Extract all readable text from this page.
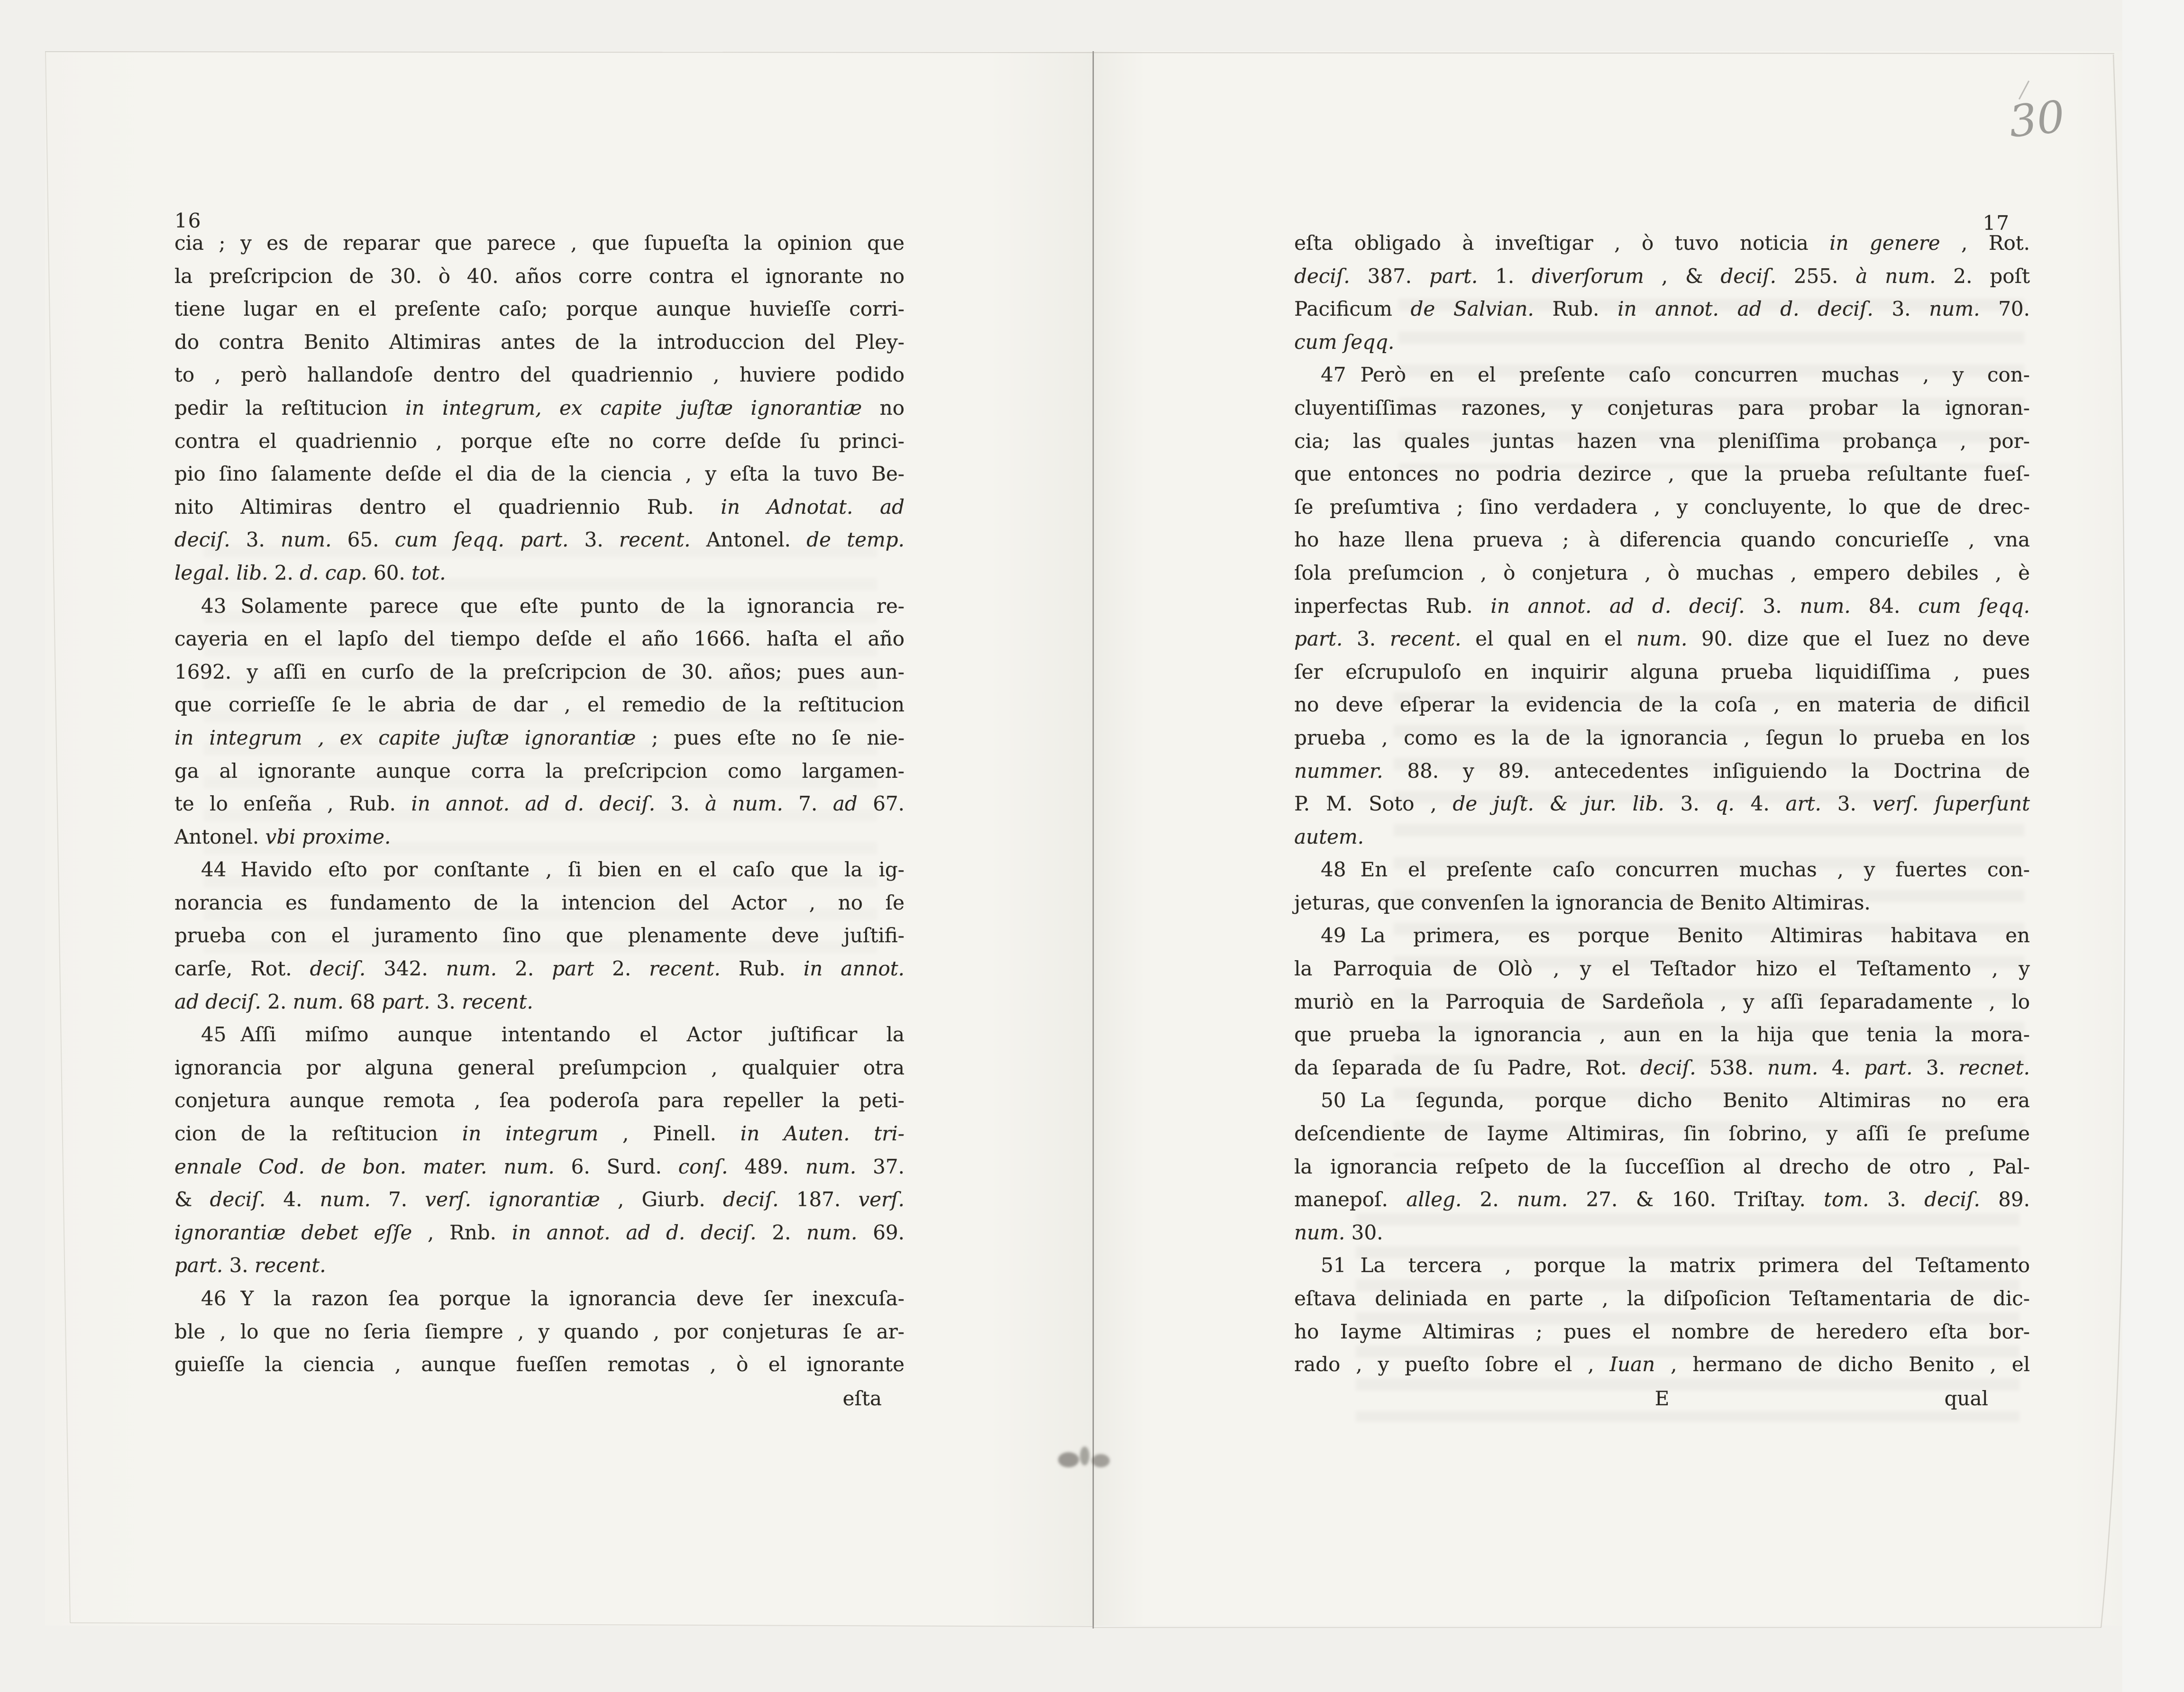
16	17
30
cia ; y es de reparar que parece , que ſupueſta la opinion que
la preſcripcion de 30. ò 40. años corre contra el ignorante no
tiene lugar en el preſente caſo; porque aunque huvieſſe corri-
do contra Benito Altimiras antes de la introduccion del Pley-
to , però hallandoſe dentro del quadriennio , huviere podido
pedir la reſtitucion in integrum, ex capite juſtæ ignorantiæ no
contra el quadriennio , porque eſte no corre deſde ſu princi-
pio ſino ſalamente deſde el dia de la ciencia , y eſta la tuvo Be-
nito Altimiras dentro el quadriennio Rub. in Adnotat. ad
deciſ. 3. num. 65. cum ſeqq. part. 3. recent. Antonel. de temp.
legal. lib. 2. d. cap. 60. tot.
43 Solamente parece que eſte punto de la ignorancia re-
cayeria en el lapſo del tiempo deſde el año 1666. haſta el año
1692. y aſſi en curſo de la preſcripcion de 30. años; pues aun-
que corrieſſe ſe le abria de dar , el remedio de la reſtitucion
in integrum , ex capite juſtæ ignorantiæ ; pues eſte no ſe nie-
ga al ignorante aunque corra la preſcripcion como largamen-
te lo enſeña , Rub. in annot. ad d. deciſ. 3. à num. 7. ad 67.
Antonel. vbi proxime.
44 Havido eſto por conſtante , ſi bien en el caſo que la ig-
norancia es fundamento de la intencion del Actor , no ſe
prueba con el juramento ſino que plenamente deve juſtifi-
carſe, Rot. deciſ. 342. num. 2. part 2. recent. Rub. in annot.
ad deciſ. 2. num. 68 part. 3. recent.
45 Aſſi miſmo aunque intentando el Actor juſtificar la
ignorancia por alguna general preſumpcion , qualquier otra
conjetura aunque remota , ſea poderoſa para repeller la peti-
cion de la reſtitucion in integrum , Pinell. in Auten. tri-
ennale Cod. de bon. mater. num. 6. Surd. conſ. 489. num. 37.
& deciſ. 4. num. 7. verſ. ignorantiæ , Giurb. deciſ. 187. verſ.
ignorantiæ debet eſſe , Rnb. in annot. ad d. deciſ. 2. num. 69.
part. 3. recent.
46 Y la razon ſea porque la ignorancia deve ſer inexcuſa-
ble , lo que no ſeria ſiempre , y quando , por conjeturas ſe ar-
guieſſe la ciencia , aunque fueſſen remotas , ò el ignorante
eſta obligado à inveſtigar , ò tuvo noticia in genere , Rot.
deciſ. 387. part. 1. diverſorum , & deciſ. 255. à num. 2. poſt
Pacificum de Salvian. Rub. in annot. ad d. deciſ. 3. num. 70.
cum ſeqq.
47 Però en el preſente caſo concurren muchas , y con-
cluyentiſſimas razones, y conjeturas para probar la ignoran-
cia; las quales juntas hazen vna pleniſſima probança , por-
que entonces no podria dezirce , que la prueba reſultante fueſ-
ſe preſumtiva ; ſino verdadera , y concluyente, lo que de drec-
ho haze llena prueva ; à diferencia quando concurieſſe , vna
ſola preſumcion , ò conjetura , ò muchas , empero debiles , è
inperfectas Rub. in annot. ad d. deciſ. 3. num. 84. cum ſeqq.
part. 3. recent. el qual en el num. 90. dize que el Iuez no deve
ſer eſcrupuloſo en inquirir alguna prueba liquidiſſima , pues
no deve eſperar la evidencia de la coſa , en materia de dificil
prueba , como es la de la ignorancia , ſegun lo prueba en los
nummer. 88. y 89. antecedentes inſiguiendo la Doctrina de
P. M. Soto , de juſt. & jur. lib. 3. q. 4. art. 3. verſ. ſuperſunt
autem.
48 En el preſente caſo concurren muchas , y fuertes con-
jeturas, que convenſen la ignorancia de Benito Altimiras.
49 La primera, es porque Benito Altimiras habitava en
la Parroquia de Olò , y el Teſtador hizo el Teſtamento , y
muriò en la Parroquia de Sardeñola , y aſſi ſeparadamente , lo
que prueba la ignorancia , aun en la hija que tenia la mora-
da ſeparada de ſu Padre, Rot. deciſ. 538. num. 4. part. 3. recnet.
50 La ſegunda, porque dicho Benito Altimiras no era
deſcendiente de Iayme Altimiras, ſin ſobrino, y aſſi ſe preſume
la ignorancia reſpeto de la ſucceſſion al drecho de otro , Pal-
manepoſ. alleg. 2. num. 27. & 160. Triſtay. tom. 3. deciſ. 89.
num. 30.
51 La tercera , porque la matrix primera del Teſtamento
eſtava deliniada en parte , la diſpoſicion Teſtamentaria de dic-
ho Iayme Altimiras ; pues el nombre de heredero eſta bor-
rado , y pueſto ſobre el , Iuan , hermano de dicho Benito , el
eſta	E	qual
